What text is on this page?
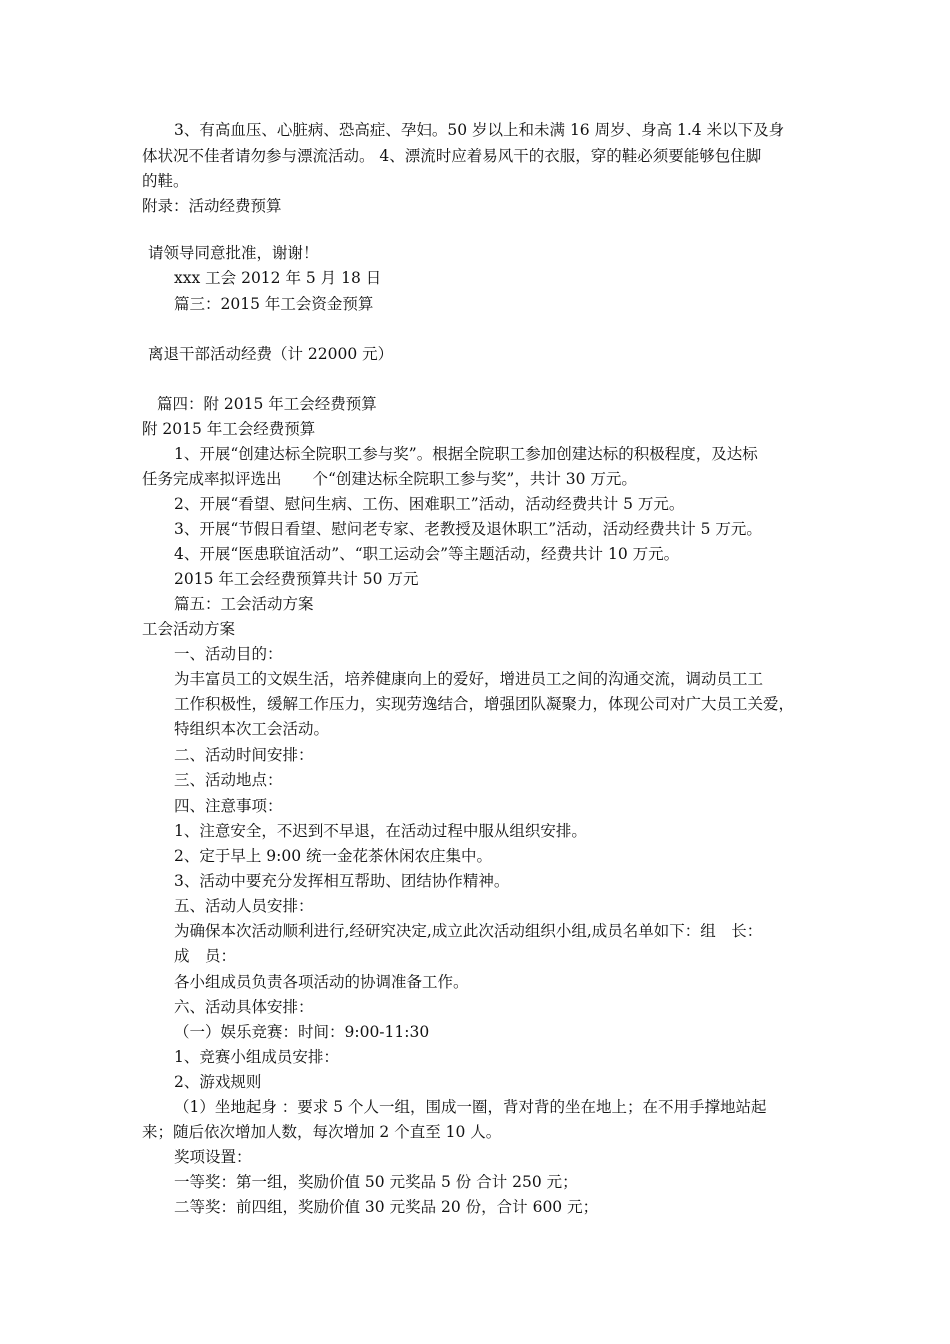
3、有高血压、心脏病、恐高症、孕妇。50 岁以上和未满 16 周岁、身高 1.4 米以下及身
体状况不佳者请勿参与漂流活动。 4、漂流时应着易风干的衣服，穿的鞋必须要能够包住脚
的鞋。
附录：活动经费预算
请领导同意批准，谢谢！
xxx 工会 2012 年 5 月 18 日
篇三：2015 年工会资金预算
离退干部活动经费（计 22000 元）
篇四：附 2015 年工会经费预算
附 2015 年工会经费预算
1、开展“创建达标全院职工参与奖”。根据全院职工参加创建达标的积极程度，及达标
任务完成率拟评选出　　个“创建达标全院职工参与奖”，共计 30 万元。
2、开展“看望、慰问生病、工伤、困难职工”活动，活动经费共计 5 万元。
3、开展“节假日看望、慰问老专家、老教授及退休职工”活动，活动经费共计 5 万元。
4、开展“医患联谊活动”、“职工运动会”等主题活动，经费共计 10 万元。
2015 年工会经费预算共计 50 万元
篇五：工会活动方案
工会活动方案
一、活动目的：
为丰富员工的文娱生活，培养健康向上的爱好，增进员工之间的沟通交流，调动员工工
工作积极性，缓解工作压力，实现劳逸结合，增强团队凝聚力，体现公司对广大员工关爱，
特组织本次工会活动。
二、活动时间安排：
三、活动地点：
四、注意事项：
1、注意安全，不迟到不早退，在活动过程中服从组织安排。
2、定于早上 9:00 统一金花茶休闲农庄集中。
3、活动中要充分发挥相互帮助、团结协作精神。
五、活动人员安排：
为确保本次活动顺利进行,经研究决定,成立此次活动组织小组,成员名单如下：组　长：
成　员：
各小组成员负责各项活动的协调准备工作。
六、活动具体安排：
（一）娱乐竞赛：时间：9:00-11:30
1、竞赛小组成员安排：
2、游戏规则
（1）坐地起身 ：要求 5 个人一组，围成一圈，背对背的坐在地上；在不用手撑地站起
来；随后依次增加人数，每次增加 2 个直至 10 人。
奖项设置：
一等奖：第一组，奖励价值 50 元奖品 5 份 合计 250 元；
二等奖：前四组，奖励价值 30 元奖品 20 份，合计 600 元；
